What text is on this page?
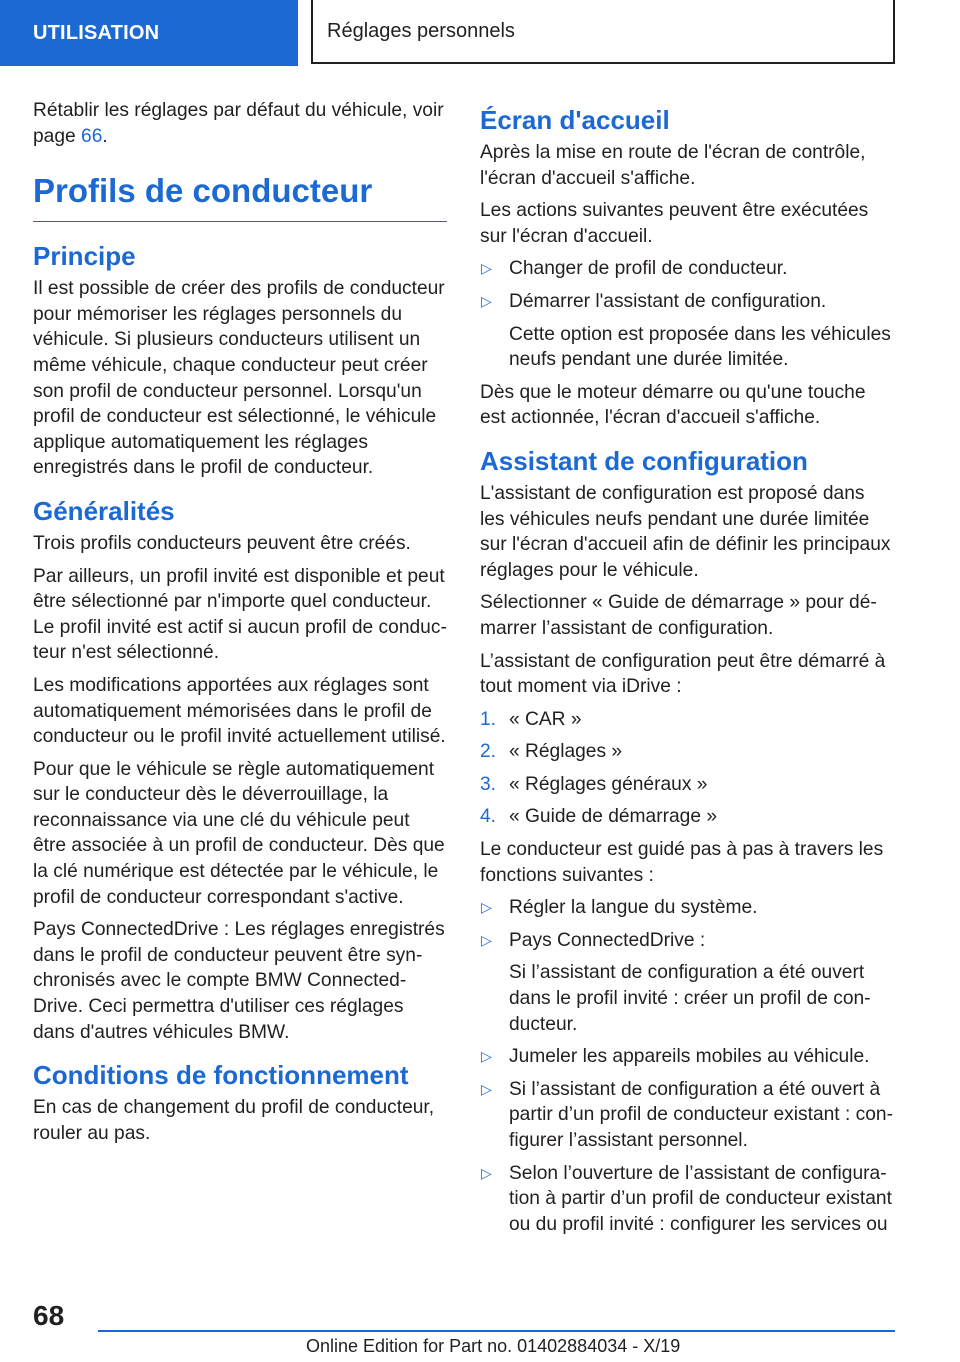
UTILISATION	Réglages personnels

Rétablir les réglages par défaut du véhicule, voir page 66.

Profils de conducteur
Principe

Il est possible de créer des profils de conducteur pour mémoriser les réglages personnels du véhicule. Si plusieurs conducteurs utilisent un même véhicule, chaque conducteur peut créer son profil de conducteur personnel. Lorsqu'un profil de conducteur est sélectionné, le véhicule applique automatiquement les réglages enregistrés dans le profil de conducteur.

Généralités

Trois profils conducteurs peuvent être créés.

Par ailleurs, un profil invité est disponible et peut être sélectionné par n'importe quel conducteur. Le profil invité est actif si aucun profil de conducteur n'est sélectionné.

Les modifications apportées aux réglages sont automatiquement mémorisées dans le profil de conducteur ou le profil invité actuellement utilisé.

Pour que le véhicule se règle automatiquement sur le conducteur dès le déverrouillage, la reconnaissance via une clé du véhicule peut être associée à un profil de conducteur. Dès que la clé numérique est détectée par le véhicule, le profil de conducteur correspondant s'active.

Pays ConnectedDrive : Les réglages enregistrés dans le profil de conducteur peuvent être synchronisés avec le compte BMW ConnectedDrive. Ceci permettra d'utiliser ces réglages dans d'autres véhicules BMW.

Conditions de fonctionnement

En cas de changement du profil de conducteur, rouler au pas.

Écran d'accueil

Après la mise en route de l'écran de contrôle, l'écran d'accueil s'affiche.

Les actions suivantes peuvent être exécutées sur l'écran d'accueil.

▷ Changer de profil de conducteur.
▷ Démarrer l'assistant de configuration.
Cette option est proposée dans les véhicules neufs pendant une durée limitée.

Dès que le moteur démarre ou qu'une touche est actionnée, l'écran d'accueil s'affiche.

Assistant de configuration

L'assistant de configuration est proposé dans les véhicules neufs pendant une durée limitée sur l'écran d'accueil afin de définir les principaux réglages pour le véhicule.

Sélectionner « Guide de démarrage » pour démarrer l’assistant de configuration.

L’assistant de configuration peut être démarré à tout moment via iDrive :

1. « CAR »
2. « Réglages »
3. « Réglages généraux »
4. « Guide de démarrage »

Le conducteur est guidé pas à pas à travers les fonctions suivantes :

▷ Régler la langue du système.
▷ Pays ConnectedDrive :
Si l’assistant de configuration a été ouvert dans le profil invité : créer un profil de conducteur.
▷ Jumeler les appareils mobiles au véhicule.
▷ Si l’assistant de configuration a été ouvert à partir d’un profil de conducteur existant : configurer l’assistant personnel.
▷ Selon l’ouverture de l’assistant de configuration à partir d’un profil de conducteur existant ou du profil invité : configurer les services ou
68
Online Edition for Part no. 01402884034 - X/19
